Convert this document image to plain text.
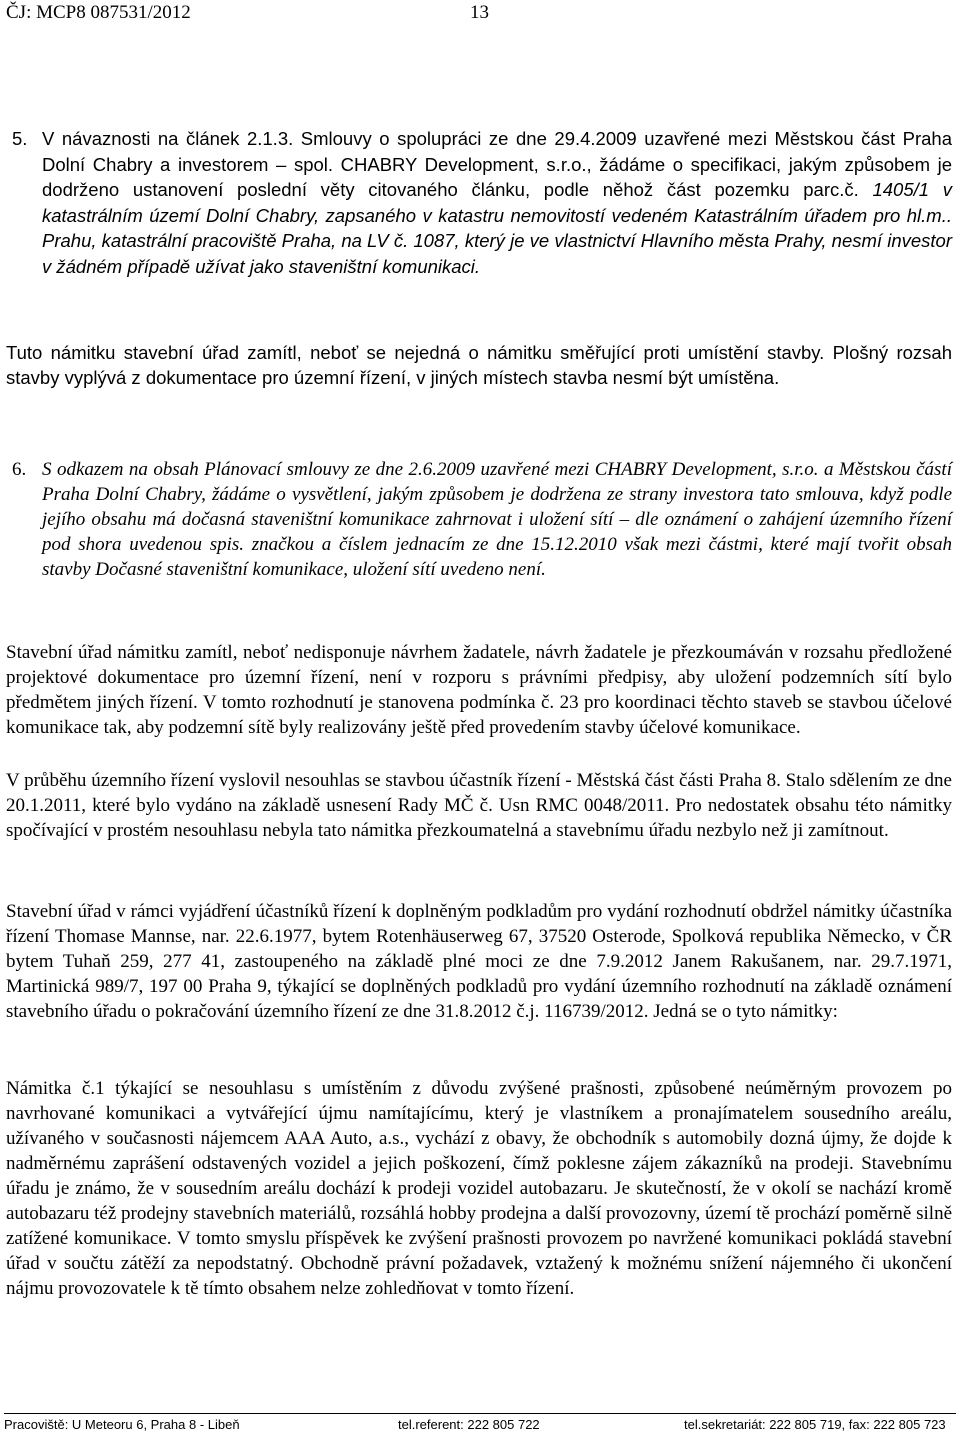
ČJ: MCP8 087531/2012	13
5. V návaznosti na článek 2.1.3. Smlouvy o spolupráci ze dne 29.4.2009 uzavřené mezi Městskou část Praha Dolní Chabry a investorem – spol. CHABRY Development, s.r.o., žádáme o specifikaci, jakým způsobem je dodrženo ustanovení poslední věty citovaného článku, podle něhož část pozemku parc.č. 1405/1 v katastrálním území Dolní Chabry, zapsaného v katastru nemovitostí vedeném Katastrálním úřadem pro hl.m.. Prahu, katastrální pracoviště Praha, na LV č. 1087, který je ve vlastnictví Hlavního města Prahy, nesmí investor v žádném případě užívat jako staveništní komunikaci.
Tuto námitku stavební úřad zamítl, neboť se nejedná o námitku směřující proti umístění stavby. Plošný rozsah stavby vyplývá z dokumentace pro územní řízení, v jiných místech stavba nesmí být umístěna.
6. S odkazem na obsah Plánovací smlouvy ze dne 2.6.2009 uzavřené mezi CHABRY Development, s.r.o. a Městskou částí Praha Dolní Chabry, žádáme o vysvětlení, jakým způsobem je dodržena ze strany investora tato smlouva, když podle jejího obsahu má dočasná staveništní komunikace zahrnovat i uložení sítí – dle oznámení o zahájení územního řízení pod shora uvedenou spis. značkou a číslem jednacím ze dne 15.12.2010 však mezi částmi, které mají tvořit obsah stavby Dočasné staveništní komunikace, uložení sítí uvedeno není.
Stavební úřad námitku zamítl, neboť nedisponuje návrhem žadatele, návrh žadatele je přezkoumáván v rozsahu předložené projektové dokumentace pro územní řízení, není v rozporu s právními předpisy, aby uložení podzemních sítí bylo předmětem jiných řízení. V tomto rozhodnutí je stanovena podmínka č. 23 pro koordinaci těchto staveb se stavbou účelové komunikace tak, aby podzemní sítě byly realizovány ještě před provedením stavby účelové komunikace.
V průběhu územního řízení vyslovil nesouhlas se stavbou účastník řízení - Městská část části Praha 8. Stalo sdělením ze dne 20.1.2011, které bylo vydáno na základě usnesení Rady MČ č. Usn RMC 0048/2011. Pro nedostatek obsahu této námitky spočívající v prostém nesouhlasu nebyla tato námitka přezkoumatelná a stavebnímu úřadu nezbylo než ji zamítnout.
Stavební úřad v rámci vyjádření účastníků řízení k doplněným podkladům pro vydání rozhodnutí obdržel námitky účastníka řízení Thomase Mannse, nar. 22.6.1977, bytem Rotenhäuserweg 67, 37520 Osterode, Spolková republika Německo, v ČR bytem Tuhaň 259, 277 41, zastoupeného na základě plné moci ze dne 7.9.2012 Janem Rakušanem, nar. 29.7.1971, Martinická 989/7, 197 00 Praha 9, týkající se doplněných podkladů pro vydání územního rozhodnutí na základě oznámení stavebního úřadu o pokračování územního řízení ze dne 31.8.2012 č.j. 116739/2012. Jedná se o tyto námitky:
Námitka č.1 týkající se nesouhlasu s umístěním z důvodu zvýšené prašnosti, způsobené neúměrným provozem po navrhované komunikaci a vytvářející újmu namítajícímu, který je vlastníkem a pronajímatelem sousedního areálu, užívaného v současnosti nájemcem AAA Auto, a.s., vychází z obavy, že obchodník s automobily dozná újmy, že dojde k nadměrnému zaprášení odstavených vozidel a jejich poškození, čímž poklesne zájem zákazníků na prodeji. Stavebnímu úřadu je známo, že v sousedním areálu dochází k prodeji vozidel autobazaru. Je skutečností, že v okolí se nachází kromě autobazaru též prodejny stavebních materiálů, rozsáhlá hobby prodejna a další provozovny, území tě prochází poměrně silně zatížené komunikace. V tomto smyslu příspěvek ke zvýšení prašnosti provozem po navržené komunikaci pokládá stavební úřad v součtu zátěží za nepodstatný. Obchodně právní požadavek, vztažený k možnému snížení nájemného či ukončení nájmu provozovatele k tě tímto obsahem nelze zohledňovat v tomto řízení.
Pracoviště: U Meteoru 6, Praha 8 - Libeň	tel.referent: 222 805 722	tel.sekretariát: 222 805 719, fax: 222 805 723
